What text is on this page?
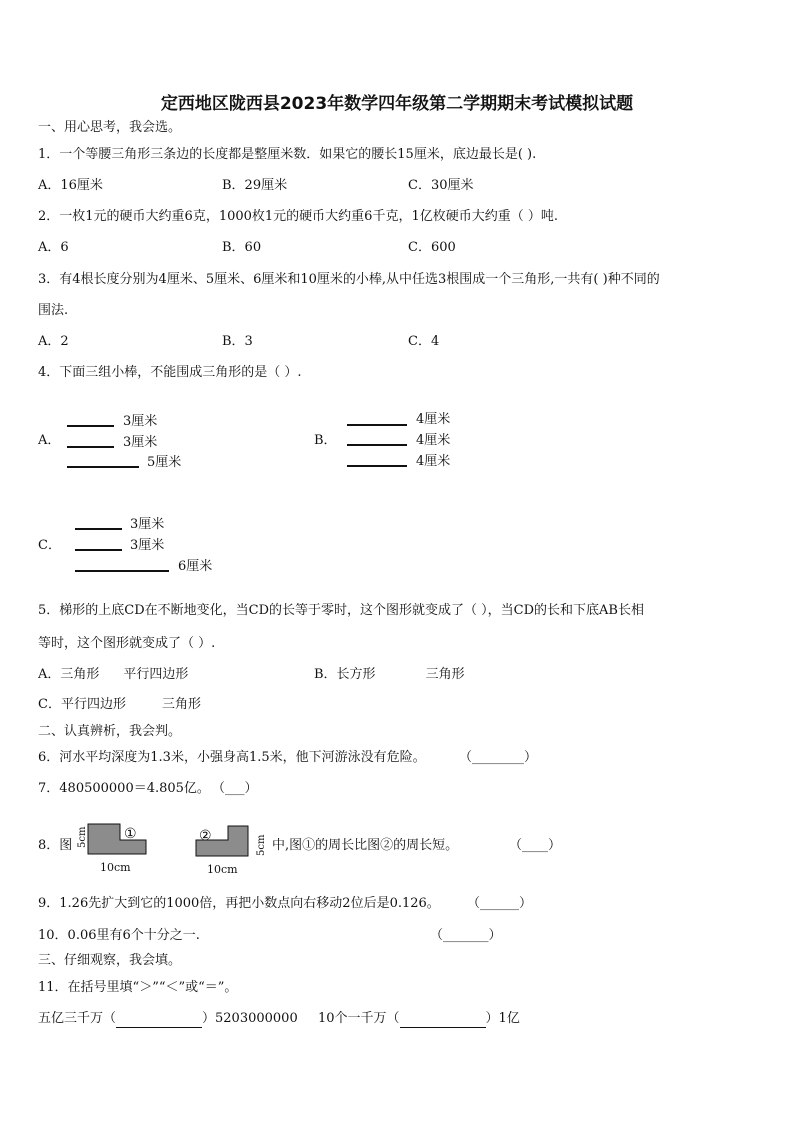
定西地区陇西县2023年数学四年级第二学期期末考试模拟试题
一、用心思考，我会选。
1．一个等腰三角形三条边的长度都是整厘米数．如果它的腰长15厘米，底边最长是( ).
A．16厘米	B．29厘米	C．30厘米
2．一枚1元的硬币大约重6克，1000枚1元的硬币大约重6千克，1亿枚硬币大约重（ ）吨.
A．6	B．60	C．600
3．有4根长度分别为4厘米、5厘米、6厘米和10厘米的小棒,从中任选3根围成一个三角形,一共有( )种不同的
围法.
A．2	B．3	C．4
4．下面三组小棒，不能围成三角形的是（ ）.
A．
3厘米
3厘米
5厘米
B．
4厘米
4厘米
4厘米
C．
3厘米
3厘米
6厘米
5．梯形的上底CD在不断地变化，当CD的长等于零时，这个图形就变成了（ ），当CD的长和下底AB长相
等时，这个图形就变成了（ ）.
A．三角形 平行四边形	B．长方形	三角形
C．平行四边形	三角形
二、认真辨析，我会判。
6．河水平均深度为1.3米，小强身高1.5米，他下河游泳没有危险。	（________）
7．480500000＝4.805亿。 （___）
8．图
①
5cm
10cm
②	5cm
10cm
中,图①的周长比图②的周长短。	（____）
9．1.26先扩大到它的1000倍，再把小数点向右移动2位后是0.126。 （______）
10．0.06里有6个十分之一.	（_______）
三、仔细观察，我会填。
11．在括号里填“＞”“＜”或“＝”。
五亿三千万（	）5203000000 10个一千万（	）1亿
